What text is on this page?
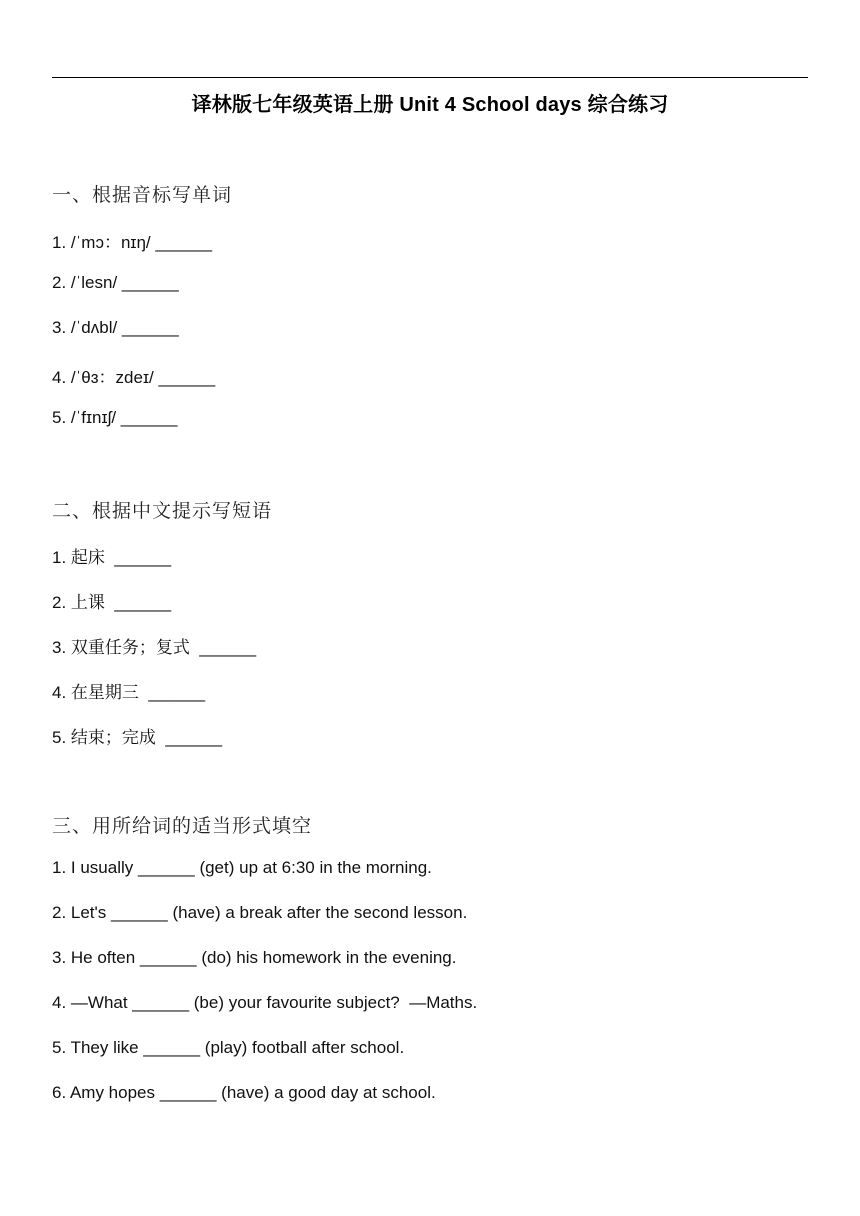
译林版七年级英语上册 Unit 4 School days 综合练习
一、根据音标写单词
1. /ˈmɔ：nɪŋ/ ______
2. /ˈlesn/ ______
3. /ˈdʌbl/ ______
4. /ˈθɜ：zdeɪ/ ______
5. /ˈfɪnɪʃ/ ______
二、根据中文提示写短语
1. 起床  ______
2. 上课  ______
3. 双重任务；复式  ______
4. 在星期三  ______
5. 结束；完成  ______
三、用所给词的适当形式填空
1. I usually ______ (get) up at 6:30 in the morning.
2. Let's ______ (have) a break after the second lesson.
3. He often ______ (do) his homework in the evening.
4. —What ______ (be) your favourite subject?  —Maths.
5. They like ______ (play) football after school.
6. Amy hopes ______ (have) a good day at school.
